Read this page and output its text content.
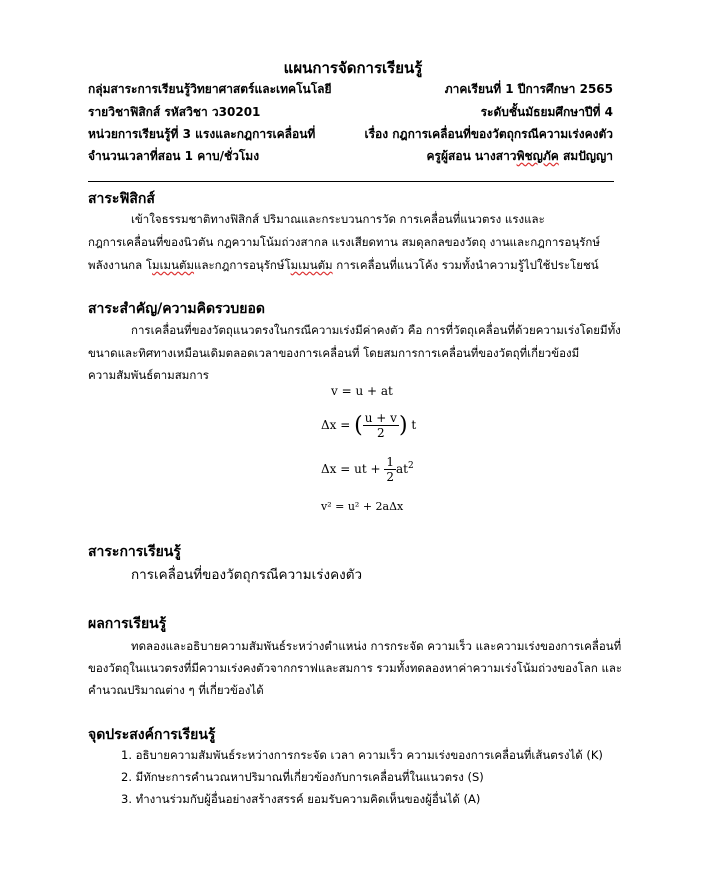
แผนการจัดการเรียนรู้
กลุ่มสาระการเรียนรู้วิทยาศาสตร์และเทคโนโลยี	ภาคเรียนที่ 1 ปีการศึกษา 2565
รายวิชาฟิสิกส์ รหัสวิชา ว30201	ระดับชั้นมัธยมศึกษาปีที่ 4
หน่วยการเรียนรู้ที่ 3 แรงและกฎการเคลื่อนที่	เรื่อง กฎการเคลื่อนที่ของวัตถุกรณีความเร่งคงตัว
จำนวนเวลาที่สอน 1 คาบ/ชั่วโมง	ครูผู้สอน นางสาวพิชญภัค สมปัญญา
สาระฟิสิกส์
เข้าใจธรรมชาติทางฟิสิกส์ ปริมาณและกระบวนการวัด การเคลื่อนที่แนวตรง แรงและ
กฎการเคลื่อนที่ของนิวตัน กฎความโน้มถ่วงสากล แรงเสียดทาน สมดุลกลของวัตถุ งานและกฎการอนุรักษ์
พลังงานกล โมเมนตัมและกฎการอนุรักษ์โมเมนตัม การเคลื่อนที่แนวโค้ง รวมทั้งนำความรู้ไปใช้ประโยชน์
สาระสำคัญ/ความคิดรวบยอด
การเคลื่อนที่ของวัตถุแนวตรงในกรณีความเร่งมีค่าคงตัว คือ การที่วัตถุเคลื่อนที่ด้วยความเร่งโดยมีทั้ง
ขนาดและทิศทางเหมือนเดิมตลอดเวลาของการเคลื่อนที่ โดยสมการการเคลื่อนที่ของวัตถุที่เกี่ยวข้องมี
ความสัมพันธ์ตามสมการ
v = u + at
Δx = ( $\frac{u + v}{2}$ ) t
Δx = ut + $\frac{1}{2} at^2$
v² = u² + 2aΔx
สาระการเรียนรู้
การเคลื่อนที่ของวัตถุกรณีความเร่งคงตัว
ผลการเรียนรู้
ทดลองและอธิบายความสัมพันธ์ระหว่างตำแหน่ง การกระจัด ความเร็ว และความเร่งของการเคลื่อนที่
ของวัตถุในแนวตรงที่มีความเร่งคงตัวจากกราฟและสมการ รวมทั้งทดลองหาค่าความเร่งโน้มถ่วงของโลก และ
คำนวณปริมาณต่าง ๆ ที่เกี่ยวข้องได้
จุดประสงค์การเรียนรู้
1. อธิบายความสัมพันธ์ระหว่างการกระจัด เวลา ความเร็ว ความเร่งของการเคลื่อนที่เส้นตรงได้ (K)
2. มีทักษะการคำนวณหาปริมาณที่เกี่ยวข้องกับการเคลื่อนที่ในแนวตรง (S)
3. ทำงานร่วมกับผู้อื่นอย่างสร้างสรรค์ ยอมรับความคิดเห็นของผู้อื่นได้ (A)
